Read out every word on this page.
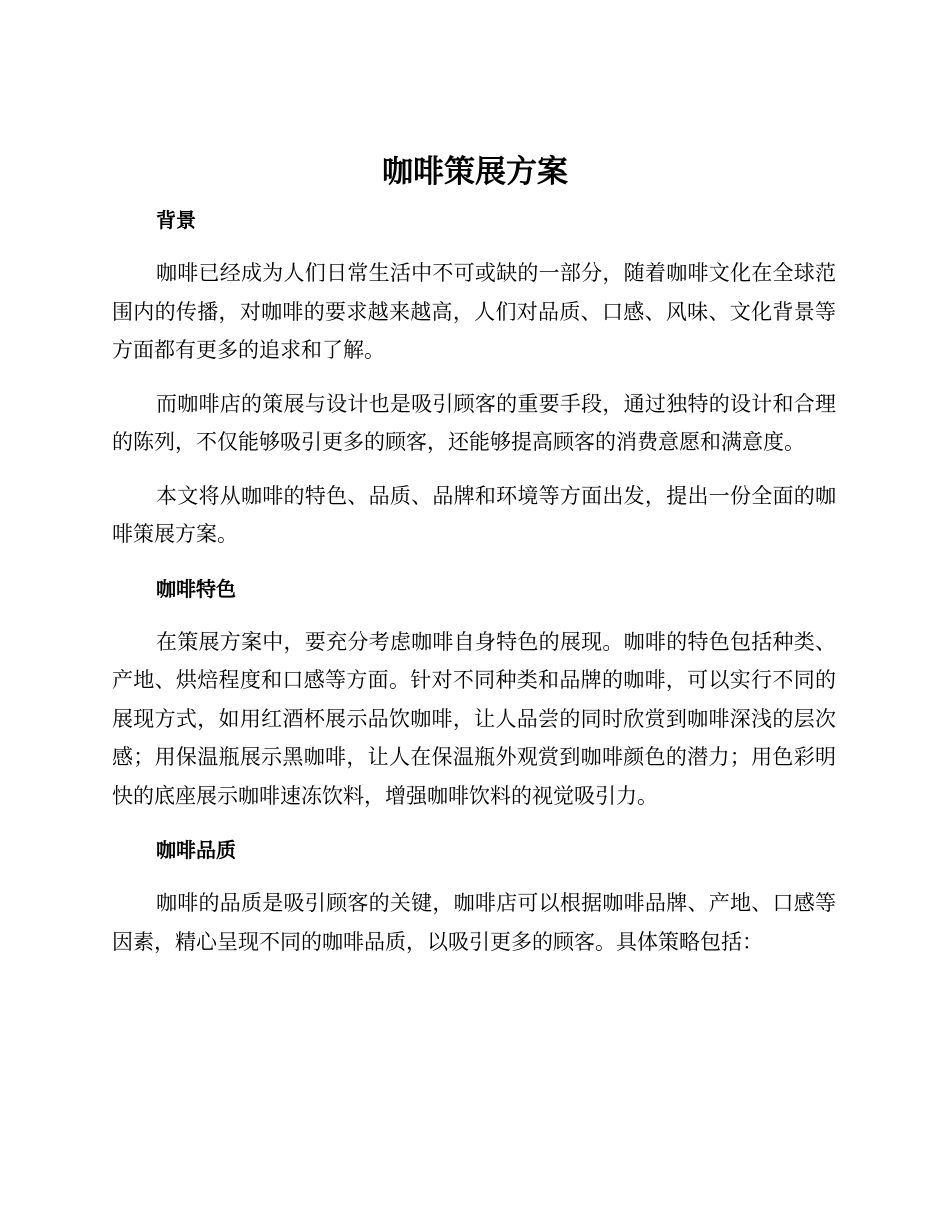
咖啡策展方案
背景

咖啡已经成为人们日常生活中不可或缺的一部分，随着咖啡文化在全球范围内的传播，对咖啡的要求越来越高，人们对品质、口感、风味、文化背景等方面都有更多的追求和了解。

而咖啡店的策展与设计也是吸引顾客的重要手段，通过独特的设计和合理的陈列，不仅能够吸引更多的顾客，还能够提高顾客的消费意愿和满意度。

本文将从咖啡的特色、品质、品牌和环境等方面出发，提出一份全面的咖啡策展方案。

咖啡特色

在策展方案中，要充分考虑咖啡自身特色的展现。咖啡的特色包括种类、产地、烘焙程度和口感等方面。针对不同种类和品牌的咖啡，可以实行不同的展现方式，如用红酒杯展示品饮咖啡，让人品尝的同时欣赏到咖啡深浅的层次感；用保温瓶展示黑咖啡，让人在保温瓶外观赏到咖啡颜色的潜力；用色彩明快的底座展示咖啡速冻饮料，增强咖啡饮料的视觉吸引力。

咖啡品质

咖啡的品质是吸引顾客的关键，咖啡店可以根据咖啡品牌、产地、口感等因素，精心呈现不同的咖啡品质，以吸引更多的顾客。具体策略包括：
